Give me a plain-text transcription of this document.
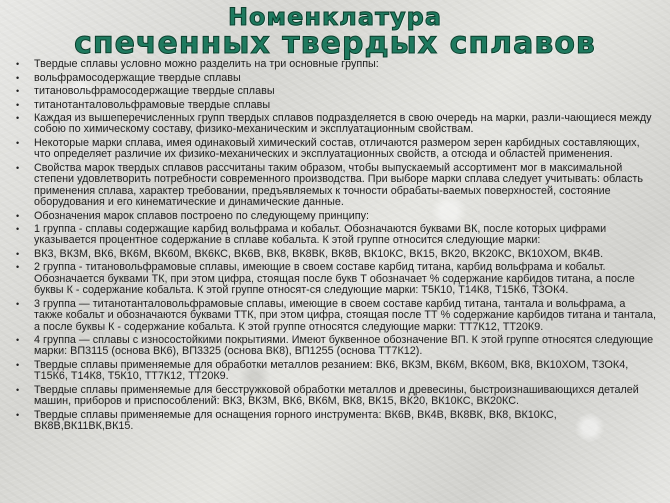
Номенклатура
спеченных твердых сплавов
• Твердые сплавы условно можно разделить на три основные группы:
• вольфрамосодержащие твердые сплавы
• титановольфрамосодержащие твердые сплавы
• титанотанталовольфрамовые твердые сплавы
• Каждая из вышеперечисленных групп твердых сплавов подразделяется в свою очередь на марки, разли-чающиеся между собою по химическому составу, физико-механическим и эксплуатационным свойствам.
• Некоторые марки сплава, имея одинаковый химический состав, отличаются размером зерен карбидных составляющих, что определяет различие их физико-механических и эксплуатационных свойств, а отсюда и областей применения.
• Свойства марок твердых сплавов рассчитаны таким образом, чтобы выпускаемый ассортимент мог в максимальной степени удовлетворить потребности современного производства. При выборе марки сплава следует учитывать: область применения сплава, характер требовании, предъявляемых к точности обрабаты-ваемых поверхностей, состояние оборудования и его кинематические и динамические данные.
• Обозначения марок сплавов построено по следующему принципу:
• 1 группа - сплавы содержащие карбид вольфрама и кобальт. Обозначаются буквами ВК, после которых цифрами указывается процентное содержание в сплаве кобальта. К этой группе относится следующие марки:
• ВК3, ВК3М, ВК6, ВК6М, ВК60М, ВК6КС, ВК6В, ВК8, ВК8ВК, ВК8В, ВК10КС, ВК15, ВК20, ВК20КС, ВК10ХОМ, ВК4В.
• 2 группа - титановольфрамовые сплавы, имеющие в своем составе карбид титана, карбид вольфрама и кобальт. Обозначается буквами ТК, при этом цифра, стоящая после букв Т обозначает % содержание карбидов титана, а после буквы К - содержание кобальта. К этой группе относят-ся следующие марки: Т5К10, Т14К8, Т15К6, Т3ОК4.
• 3 группа — титанотанталовольфрамовые сплавы, имеющие в своем составе карбид титана, тантала и вольфрама, а также кобальт и обозначаются буквами ТТК, при этом цифра, стоящая после ТТ % содержание карбидов титана и тантала, а после буквы К - содержание кобальта. К этой группе относятся следующие марки: ТТ7К12, ТТ20К9.
• 4 группа — сплавы с износостойкими покрытиями. Имеют буквенное обозначение ВП. К этой группе относятся следующие марки: ВП3115 (основа ВК6), ВП3325 (основа ВК8), ВП1255 (основа ТТ7К12).
• Твердые сплавы применяемые для обработки металлов резанием: ВК6, ВК3М, ВК6М, ВК60М, ВК8, ВК10ХОМ, Т3ОК4, Т15К6, Т14К8, Т5К10, ТТ7К12, ТТ20К9.
• Твердые сплавы применяемые для бесстружковой обработки металлов и древесины, быстроизнашивающихся деталей машин, приборов и приспособлений: ВК3, ВК3М, ВК6, ВК6М, ВК8, ВК15, ВК20, ВК10КС, ВК20КС.
• Твердые сплавы применяемые для оснащения горного инструмента: ВК6В, ВК4В, ВК8ВК, ВК8, ВК10КС, ВК8В,ВК11ВК,ВК15.
